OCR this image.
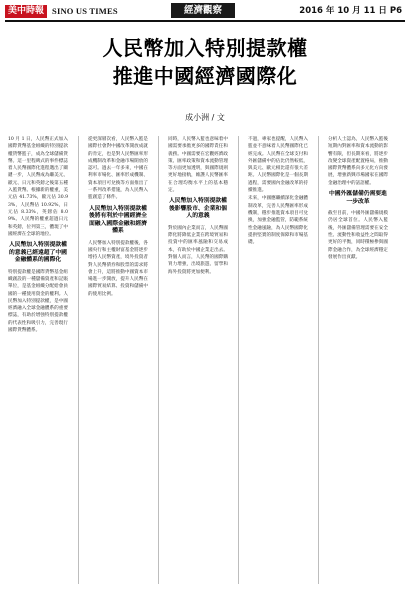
美中時報 SINO US TIMES	經濟觀察	2016 年 10 月 11 日 P6
人民幣加入特別提款權
推進中國經濟國際化
成小洲 / 文

10 月 1 日，人民幣正式加入國際貨幣基金組織的特別提款權貨幣籃子，成為全球儲備貨幣。這一里程碑式的事件標誌着人民幣國際化進程邁出了關鍵一步，人民幣成為繼美元、歐元、日元和英鎊之後第五種入籃貨幣。根據新的權重，美元佔 41.73%，歐元佔 30.93%，人民幣佔 10.92%，日元佔 8.33%，英鎊佔 8.09%。人民幣的權重超過日元和英鎊，位列第三，體現了中國經濟在全球的地位。

人民幣加入特別提款權的意義已經遠超了中國金融體系的國際化

特別提款權是國際貨幣基金組織創設的一種儲備資產和記賬單位，是基金組織分配給會員國的一種使用資金的權利。人民幣加入特別提款權，是中國經濟融入全球金融體系的重要標誌，有助於增強特別提款權的代表性和吸引力，完善現行國際貨幣體系。

從更深層次看，人民幣入籃是國際社會對中國改革開放成就的肯定，也是對人民幣匯率形成機制改革和金融市場開放的認可。過去一年多來，中國在利率市場化、匯率形成機制、資本項目可兌換等方面推出了一系列改革措施，為人民幣入籃創造了條件。

人民幣加入特別提款權後將有利於中國經濟全面融入國際金融和經濟體系

人民幣加入特別提款權後，各國央行和主權財富基金將逐步增持人民幣資產，境外投資者對人民幣債券和股票的需求將會上升，這將推動中國資本市場進一步開放，提升人民幣在國際貿易結算、投資和儲備中的使用比例。

同時，人民幣入籃也意味着中國需要承擔更多的國際責任和義務。中國需要在宏觀經濟政策、匯率政策和資本流動管理等方面更加透明，與國際規則更好地接軌，維護人民幣匯率在合理均衡水平上的基本穩定。

人民幣加入特別提款權後影響股市、企業和個人的意義

對於國內企業而言，人民幣國際化將降低企業在跨境貿易和投資中的匯率風險和交易成本，有助於中國企業走出去。對個人而言，人民幣的國際購買力增強，出境旅遊、留學和海外投資將更加便利。

不過，專家也提醒，人民幣入籃並不意味着人民幣國際化已經完成。人民幣在全球支付和外匯儲備中的佔比仍然較低，與美元、歐元相比還有很大差距。人民幣國際化是一個長期過程，需要國內金融改革的持續推進。

未來，中國應繼續深化金融體制改革，完善人民幣匯率形成機制，穩步推進資本項目可兌換，加強金融監管，防範系統性金融風險，為人民幣國際化提供堅實的制度保障和市場基礎。

分析人士認為，人民幣入籃後短期內對匯率和資本流動的影響有限，但長期來看，將逐步改變全球資產配置格局，推動國際貨幣體系向多元化方向發展，增強新興市場國家在國際金融治理中的話語權。

中國外匯儲備仍需要進一步改革

截至目前，中國外匯儲備規模仍居全球首位。人民幣入籃後，外匯儲備管理需要在安全性、流動性和收益性之間取得更好的平衡，同時積極參與國際金融合作，為全球經濟穩定發展作出貢獻。
